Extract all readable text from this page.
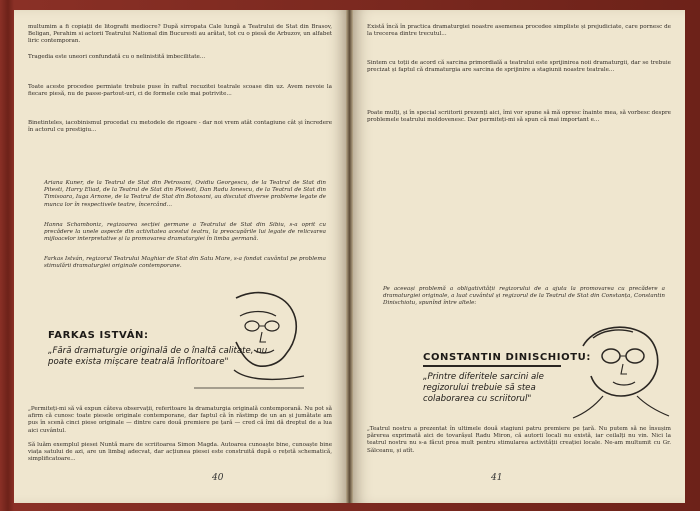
multumim a fi copiații de litografii mediocre? După sirropata Cale lungă a Teatrului de Stat din Brasov, Beligan, Perahim si actorii Teatrului National din Bucuresti au arătat, tot cu o piesă de Arbuzov, un alfabet liric contemporan.

Tragedia este uneori confundată cu o nelinistită imbecilitate...

Toate aceste procedee permiate trebuie puse în raftul recuzitei teatrale scoase din uz. Avem nevoie la fiecare piesă, nu de passe-partout-uri, ci de formele cele mai potrivite...

Binetinteles, iacobinismul procedat cu metodele de rigoare - dar noi vrem atât contagiune cât și încredere în actorul cu prestigiu...

Ariana Kuner, de la Teatrul de Stat din Petrosani, Ovidiu Georgescu, de la Teatrul de Stat din Pitesti, Harry Eliad, de la Teatrul de Stat din Ploiesti, Dan Radu Ionescu, de la Teatrul de Stat din Timisoara, Iuga Arnone, de la Teatrul de Stat din Botosani, au discutat diverse probleme legate de munca lor în respectivele teatre, încercând...

Hanna Schamboniz, regizoarea secției germane a Teatrului de Stat din Sibiu, s-a oprit cu precădere la unele aspecte din activitatea acestui teatru, la preocupările lui legate de relicvarea mijloacelor interpretative și la promovarea dramaturgiei în limba germană.

Farkas István, regizorul Teatrului Maghiar de Stat din Satu Mare, s-a fondat cuvântul pe problema stimulării dramaturgiei originale contemporane.

FARKAS ISTVÁN:
„Fără dramaturgie originală de o înaltă calitate, nu poate exista mișcare teatrală înfloritoare"

„Permiteți-mi să vă expun câteva observații, referitoare la dramaturgia originală contemporană. Nu pot să afirm că cunosc toate piesele originale contemporane, dar faptul că în răstimp de un an și jumătate am pus în scenă cinci piese originale — dintre care două premiere pe țară — cred că îmi dă dreptul de a lua aici cuvântul.

Să luăm exemplul piesei Nuntă mare de scriitoarea Simon Magda. Autoarea cunoaște bine, cunoaște bine viața satului de azi, are un limbaj adecvat, dar acțiunea piesei este construită după o rețetă schematică, simplificatoare...

40

Există încă în practica dramaturgiei noastre asemenea procedee simpliste și prejudiciate, care pornesc de la trecerea dintre trecutul...

Sintem cu toții de acord că sarcina primordială a teatrului este sprijinirea noii dramaturgii, dar se trebuie precizat și faptul că dramaturgia are sarcina de sprijinire a stagiunii noastre teatrale...

Poate mulți, și în special scriitorii prezenți aici, îmi vor spune să mă opresc înainte mea, să vorbesc despre problemele teatrului moldovenesc. Dar permiteți-mi să spun că mai important e...

Pe aceeași problemă a obligativității regizorului de a ajuta la promovarea cu precădere a dramaturgiei originale, a luat cuvântul și regizorul de la Teatrul de Stat din Constanța, Constantin Dinischiotu, spunînd între altele:

CONSTANTIN DINISCHIOTU:
„Printre diferitele sarcini ale regizorului trebuie să stea colaborarea cu scriitorul"

„Teatrul nostru a prezentat în ultimele două stagiuni patru premiere pe țară. Nu putem să ne însușim părerea exprimată aici de tovarășul Radu Miron, că autorii locali nu există, iar ceilalți nu vin. Nici la teatrul nostru nu s-a făcut prea mult pentru stimularea activității creației locale. Ne-am multumit cu Gr. Sălceanu, și atît.

41
